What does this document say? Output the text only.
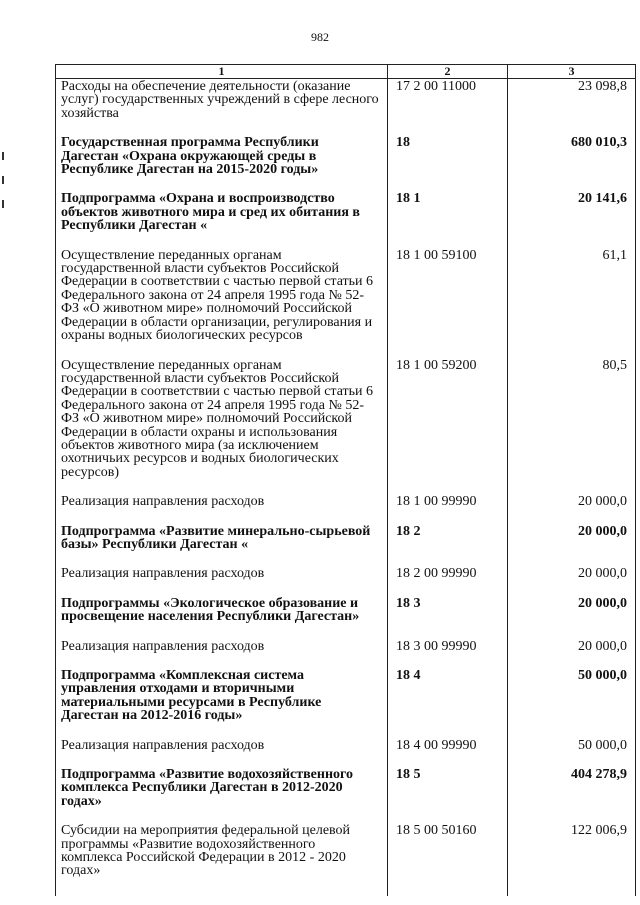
982
1	2	3
Расходы на обеспечение деятельности (оказание услуг) государственных учреждений в сфере лесного хозяйства	17 2 00 11000	23 098,8
Государственная программа Республики Дагестан «Охрана окружающей среды в Республике Дагестан на 2015-2020 годы»	18	680 010,3
Подпрограмма «Охрана и воспроизводство объектов животного мира и сред их обитания в Республики Дагестан «	18 1	20 141,6
Осуществление переданных органам государственной власти субъектов Российской Федерации в соответствии с частью первой статьи 6 Федерального закона от 24 апреля 1995 года № 52-ФЗ «О животном мире» полномочий Российской Федерации в области организации, регулирования и охраны водных биологических ресурсов	18 1 00 59100	61,1
Осуществление переданных органам государственной власти субъектов Российской Федерации в соответствии с частью первой статьи 6 Федерального закона от 24 апреля 1995 года № 52-ФЗ «О животном мире» полномочий Российской Федерации в области охраны и использования объектов животного мира (за исключением охотничьих ресурсов и водных биологических ресурсов)	18 1 00 59200	80,5
Реализация направления расходов	18 1 00 99990	20 000,0
Подпрограмма «Развитие минерально-сырьевой базы» Республики Дагестан «	18 2	20 000,0
Реализация направления расходов	18 2 00 99990	20 000,0
Подпрограммы «Экологическое образование и просвещение населения Республики Дагестан»	18 3	20 000,0
Реализация направления расходов	18 3 00 99990	20 000,0
Подпрограмма «Комплексная система управления отходами и вторичными материальными ресурсами в Республике Дагестан на 2012-2016 годы»	18 4	50 000,0
Реализация направления расходов	18 4 00 99990	50 000,0
Подпрограмма «Развитие водохозяйственного комплекса Республики Дагестан в 2012-2020 годах»	18 5	404 278,9
Субсидии на мероприятия федеральной целевой программы «Развитие водохозяйственного комплекса Российской Федерации в 2012 - 2020 годах»	18 5 00 50160	122 006,9
